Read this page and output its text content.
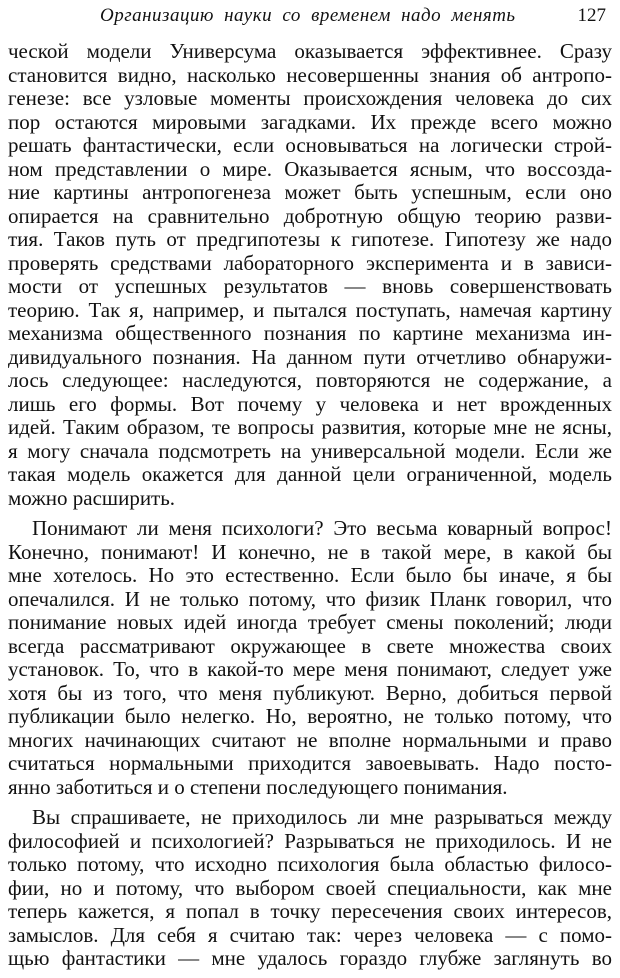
Организацию науки со временем надо менять	127
ческой модели Универсума оказывается эффективнее. Сразу
становится видно, насколько несовершенны знания об антропо-
генезе: все узловые моменты происхождения человека до сих
пор остаются мировыми загадками. Их прежде всего можно
решать фантастически, если основываться на логически строй-
ном представлении о мире. Оказывается ясным, что воссозда-
ние картины антропогенеза может быть успешным, если оно
опирается на сравнительно добротную общую теорию разви-
тия. Таков путь от предгипотезы к гипотезе. Гипотезу же надо
проверять средствами лабораторного эксперимента и в зависи-
мости от успешных результатов — вновь совершенствовать
теорию. Так я, например, и пытался поступать, намечая картину
механизма общественного познания по картине механизма ин-
дивидуального познания. На данном пути отчетливо обнаружи-
лось следующее: наследуются, повторяются не содержание, а
лишь его формы. Вот почему у человека и нет врожденных
идей. Таким образом, те вопросы развития, которые мне не ясны,
я могу сначала подсмотреть на универсальной модели. Если же
такая модель окажется для данной цели ограниченной, модель
можно расширить.
Понимают ли меня психологи? Это весьма коварный вопрос!
Конечно, понимают! И конечно, не в такой мере, в какой бы
мне хотелось. Но это естественно. Если было бы иначе, я бы
опечалился. И не только потому, что физик Планк говорил, что
понимание новых идей иногда требует смены поколений; люди
всегда рассматривают окружающее в свете множества своих
установок. То, что в какой-то мере меня понимают, следует уже
хотя бы из того, что меня публикуют. Верно, добиться первой
публикации было нелегко. Но, вероятно, не только потому, что
многих начинающих считают не вполне нормальными и право
считаться нормальными приходится завоевывать. Надо посто-
янно заботиться и о степени последующего понимания.
Вы спрашиваете, не приходилось ли мне разрываться между
философией и психологией? Разрываться не приходилось. И не
только потому, что исходно психология была областью филосо-
фии, но и потому, что выбором своей специальности, как мне
теперь кажется, я попал в точку пересечения своих интересов,
замыслов. Для себя я считаю так: через человека — с помо-
щью фантастики — мне удалось гораздо глубже заглянуть во
